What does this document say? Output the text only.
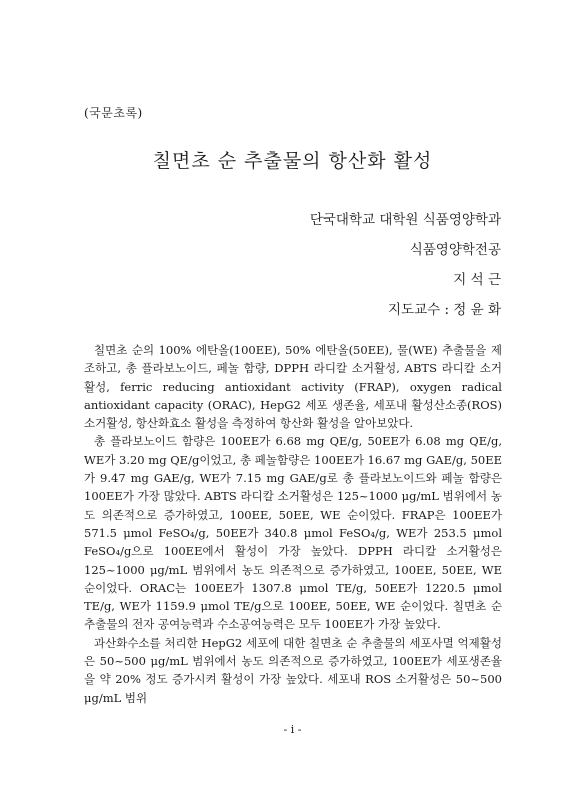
(국문초록)
칠면초 순 추출물의 항산화 활성
단국대학교 대학원 식품영양학과
식품영양학전공
지 석 근
지도교수 : 정 윤 화

칠면초 순의 100% 에탄올(100EE), 50% 에탄올(50EE), 물(WE) 추출물을 제조하고, 총 플라보노이드, 페놀 함량, DPPH 라디칼 소거활성, ABTS 라디칼 소거활성, ferric reducing antioxidant activity (FRAP), oxygen radical antioxidant capacity (ORAC), HepG2 세포 생존율, 세포내 활성산소종(ROS) 소거활성, 항산화효소 활성을 측정하여 항산화 활성을 알아보았다.

총 플라보노이드 함량은 100EE가 6.68 mg QE/g, 50EE가 6.08 mg QE/g, WE가 3.20 mg QE/g이었고, 총 페놀함량은 100EE가 16.67 mg GAE/g, 50EE가 9.47 mg GAE/g, WE가 7.15 mg GAE/g로 총 플라보노이드와 페놀 함량은 100EE가 가장 많았다. ABTS 라디칼 소거활성은 125~1000 μg/mL 범위에서 농도 의존적으로 증가하였고, 100EE, 50EE, WE 순이었다. FRAP은 100EE가 571.5 μmol FeSO₄/g, 50EE가 340.8 μmol FeSO₄/g, WE가 253.5 μmol FeSO₄/g으로 100EE에서 활성이 가장 높았다. DPPH 라디칼 소거활성은 125~1000 μg/mL 범위에서 농도 의존적으로 증가하였고, 100EE, 50EE, WE 순이었다. ORAC는 100EE가 1307.8 μmol TE/g, 50EE가 1220.5 μmol TE/g, WE가 1159.9 μmol TE/g으로 100EE, 50EE, WE 순이었다. 칠면초 순 추출물의 전자 공여능력과 수소공여능력은 모두 100EE가 가장 높았다.

과산화수소를 처리한 HepG2 세포에 대한 칠면초 순 추출물의 세포사멸 억제활성은 50~500 μg/mL 범위에서 농도 의존적으로 증가하였고, 100EE가 세포생존율을 약 20% 정도 증가시켜 활성이 가장 높았다. 세포내 ROS 소거활성은 50~500 μg/mL 범위

- i -
